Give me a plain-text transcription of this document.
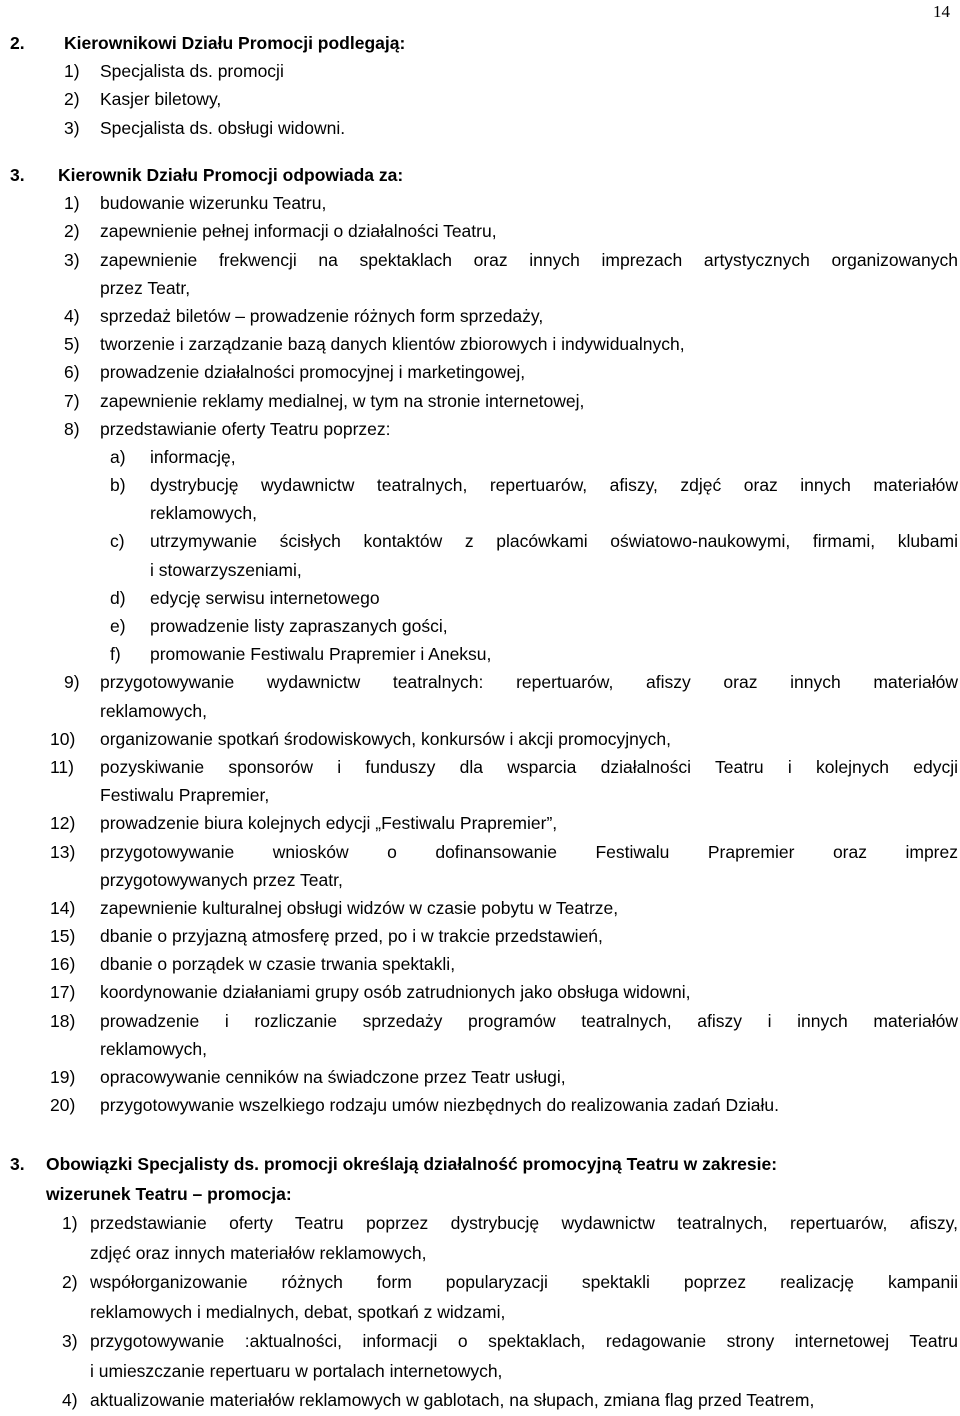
14
2. Kierownikowi Działu Promocji podlegają:
1) Specjalista ds. promocji
2) Kasjer biletowy,
3) Specjalista ds. obsługi widowni.
3. Kierownik Działu Promocji odpowiada za:
1) budowanie wizerunku Teatru,
2) zapewnienie pełnej informacji o działalności Teatru,
3) zapewnienie frekwencji na spektaklach oraz innych imprezach artystycznych organizowanych
przez Teatr,
4) sprzedaż biletów – prowadzenie różnych form sprzedaży,
5) tworzenie i zarządzanie bazą danych klientów zbiorowych i indywidualnych,
6) prowadzenie działalności promocyjnej i marketingowej,
7) zapewnienie reklamy medialnej, w tym na stronie internetowej,
8) przedstawianie oferty Teatru poprzez:
a) informację,
b) dystrybucję wydawnictw teatralnych, repertuarów, afiszy, zdjęć oraz innych materiałów
reklamowych,
c) utrzymywanie ścisłych kontaktów z placówkami oświatowo-naukowymi, firmami, klubami
i stowarzyszeniami,
d) edycję serwisu internetowego
e) prowadzenie listy zapraszanych gości,
f) promowanie Festiwalu Prapremier i Aneksu,
9) przygotowywanie wydawnictw teatralnych: repertuarów, afiszy oraz innych materiałów
reklamowych,
10) organizowanie spotkań środowiskowych, konkursów i akcji promocyjnych,
11) pozyskiwanie sponsorów i funduszy dla wsparcia działalności Teatru i kolejnych edycji
Festiwalu Prapremier,
12) prowadzenie biura kolejnych edycji „Festiwalu Prapremier”,
13) przygotowywanie wniosków o dofinansowanie Festiwalu Prapremier oraz imprez
przygotowywanych przez Teatr,
14) zapewnienie kulturalnej obsługi widzów w czasie pobytu w Teatrze,
15) dbanie o przyjazną atmosferę przed, po i w trakcie przedstawień,
16) dbanie o porządek w czasie trwania spektakli,
17) koordynowanie działaniami grupy osób zatrudnionych jako obsługa widowni,
18) prowadzenie i rozliczanie sprzedaży programów teatralnych, afiszy i innych materiałów
reklamowych,
19) opracowywanie cenników na świadczone przez Teatr usługi,
20) przygotowywanie wszelkiego rodzaju umów niezbędnych do realizowania zadań Działu.
3. Obowiązki Specjalisty ds. promocji określają działalność promocyjną Teatru w zakresie:
wizerunek Teatru – promocja:
1) przedstawianie oferty Teatru poprzez dystrybucję wydawnictw teatralnych, repertuarów, afiszy,
zdjęć oraz innych materiałów reklamowych,
2) współorganizowanie różnych form popularyzacji spektakli poprzez realizację kampanii
reklamowych i medialnych, debat, spotkań z widzami,
3) przygotowywanie :aktualności, informacji o spektaklach, redagowanie strony internetowej Teatru
i umieszczanie repertuaru w portalach internetowych,
4) aktualizowanie materiałów reklamowych w gablotach, na słupach, zmiana flag przed Teatrem,
